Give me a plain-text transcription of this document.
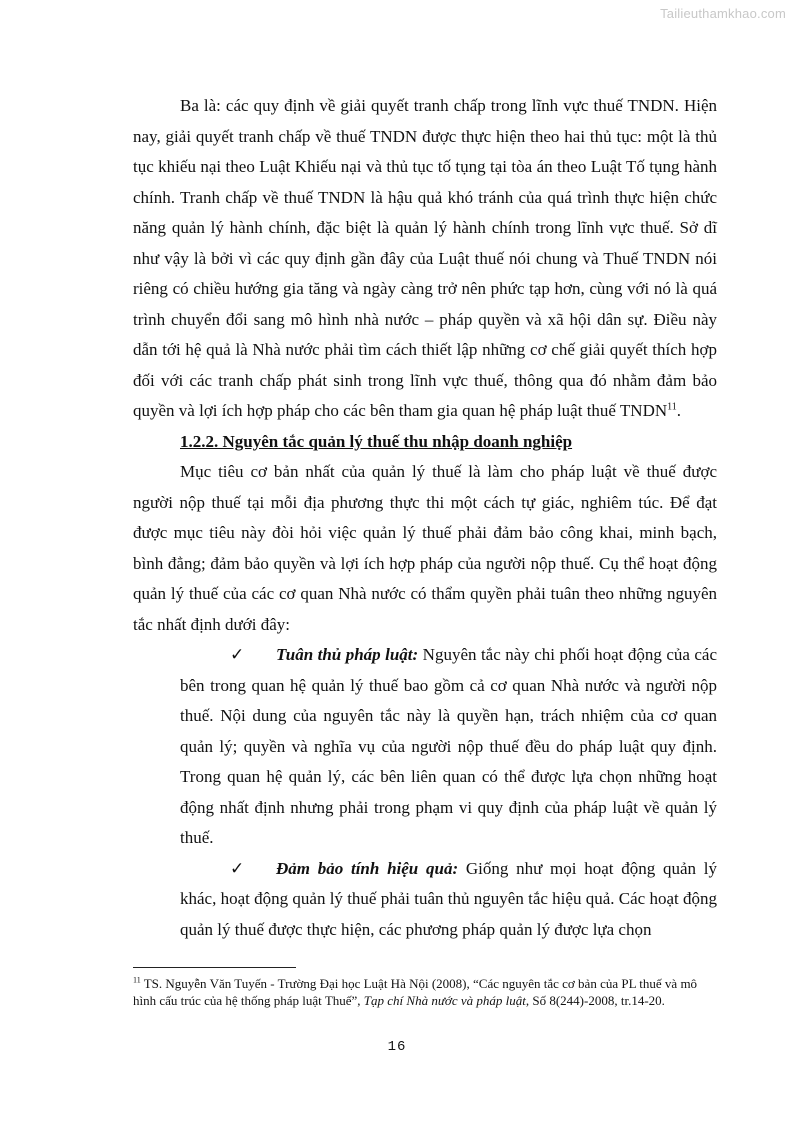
Tailieuthamkhao.com

Ba là: các quy định về giải quyết tranh chấp trong lĩnh vực thuế TNDN. Hiện nay, giải quyết tranh chấp về thuế TNDN được thực hiện theo hai thủ tục: một là thủ tục khiếu nại theo Luật Khiếu nại và thủ tục tố tụng tại tòa án theo Luật Tố tụng hành chính. Tranh chấp về thuế TNDN là hậu quả khó tránh của quá trình thực hiện chức năng quản lý hành chính, đặc biệt là quản lý hành chính trong lĩnh vực thuế. Sở dĩ như vậy là bởi vì các quy định gần đây của Luật thuế nói chung và Thuế TNDN nói riêng có chiều hướng gia tăng và ngày càng trở nên phức tạp hơn, cùng với nó là quá trình chuyển đổi sang mô hình nhà nước – pháp quyền và xã hội dân sự. Điều này dẫn tới hệ quả là Nhà nước phải tìm cách thiết lập những cơ chế giải quyết thích hợp đối với các tranh chấp phát sinh trong lĩnh vực thuế, thông qua đó nhằm đảm bảo quyền và lợi ích hợp pháp cho các bên tham gia quan hệ pháp luật thuế TNDN$^{11}$.

1.2.2. Nguyên tắc quản lý thuế thu nhập doanh nghiệp

Mục tiêu cơ bản nhất của quản lý thuế là làm cho pháp luật về thuế được người nộp thuế tại mỗi địa phương thực thi một cách tự giác, nghiêm túc. Để đạt được mục tiêu này đòi hỏi việc quản lý thuế phải đảm bảo công khai, minh bạch, bình đẳng; đảm bảo quyền và lợi ích hợp pháp của người nộp thuế. Cụ thể hoạt động quản lý thuế của các cơ quan Nhà nước có thẩm quyền phải tuân theo những nguyên tắc nhất định dưới đây:

✓	Tuân thủ pháp luật: Nguyên tắc này chi phối hoạt động của các bên trong quan hệ quản lý thuế bao gồm cả cơ quan Nhà nước và người nộp thuế. Nội dung của nguyên tắc này là quyền hạn, trách nhiệm của cơ quan quản lý; quyền và nghĩa vụ của người nộp thuế đều do pháp luật quy định. Trong quan hệ quản lý, các bên liên quan có thể được lựa chọn những hoạt động nhất định nhưng phải trong phạm vi quy định của pháp luật về quản lý thuế.

✓	Đảm bảo tính hiệu quả: Giống như mọi hoạt động quản lý khác, hoạt động quản lý thuế phải tuân thủ nguyên tắc hiệu quả. Các hoạt động quản lý thuế được thực hiện, các phương pháp quản lý được lựa chọn

$^{11}$ TS. Nguyễn Văn Tuyến - Trường Đại học Luật Hà Nội (2008), “Các nguyên tắc cơ bản của PL thuế và mô hình cấu trúc của hệ thống pháp luật Thuế”, Tạp chí Nhà nước và pháp luật, Số 8(244)-2008, tr.14-20.
16
